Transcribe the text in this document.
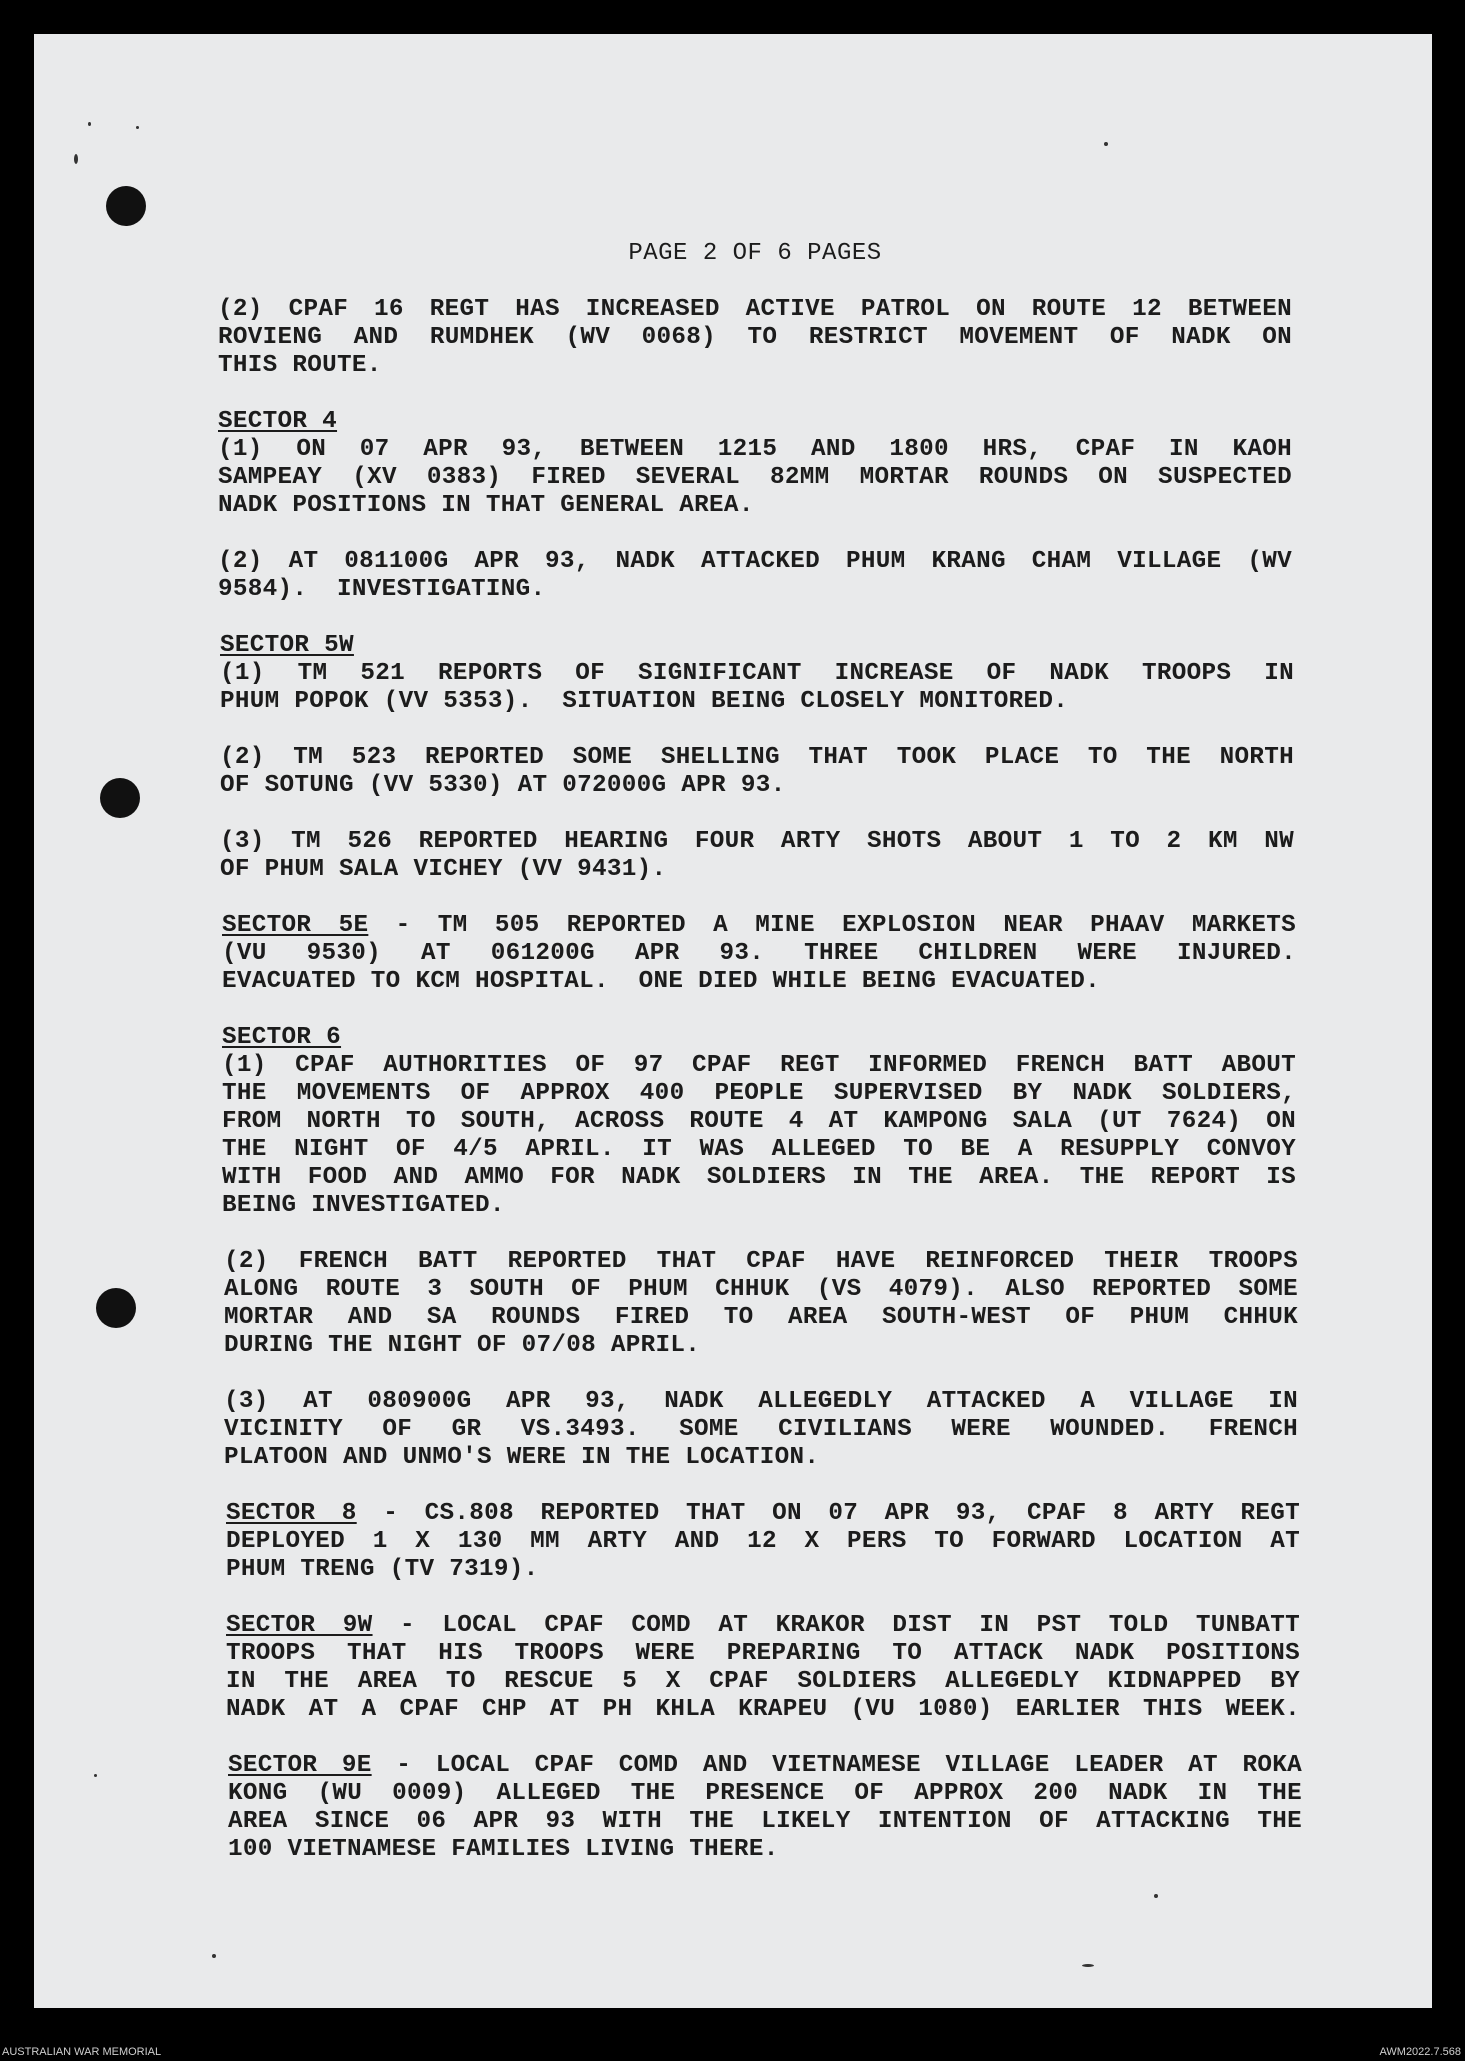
PAGE 2 OF 6 PAGES
(2) CPAF 16 REGT HAS INCREASED ACTIVE PATROL ON ROUTE 12 BETWEEN
ROVIENG AND RUMDHEK (WV 0068) TO RESTRICT MOVEMENT OF NADK ON
THIS ROUTE.
SECTOR 4
(1) ON 07 APR 93, BETWEEN 1215 AND 1800 HRS, CPAF IN KAOH
SAMPEAY (XV 0383) FIRED SEVERAL 82MM MORTAR ROUNDS ON SUSPECTED
NADK POSITIONS IN THAT GENERAL AREA.
(2) AT 081100G APR 93, NADK ATTACKED PHUM KRANG CHAM VILLAGE (WV
9584).  INVESTIGATING.
SECTOR 5W
(1) TM 521 REPORTS OF SIGNIFICANT INCREASE OF NADK TROOPS IN
PHUM POPOK (VV 5353).  SITUATION BEING CLOSELY MONITORED.
(2) TM 523 REPORTED SOME SHELLING THAT TOOK PLACE TO THE NORTH
OF SOTUNG (VV 5330) AT 072000G APR 93.
(3) TM 526 REPORTED HEARING FOUR ARTY SHOTS ABOUT 1 TO 2 KM NW
OF PHUM SALA VICHEY (VV 9431).
SECTOR 5E - TM 505 REPORTED A MINE EXPLOSION NEAR PHAAV MARKETS
(VU 9530) AT 061200G APR 93. THREE CHILDREN WERE INJURED.
EVACUATED TO KCM HOSPITAL.  ONE DIED WHILE BEING EVACUATED.
SECTOR 6
(1) CPAF AUTHORITIES OF 97 CPAF REGT INFORMED FRENCH BATT ABOUT
THE MOVEMENTS OF APPROX 400 PEOPLE SUPERVISED BY NADK SOLDIERS,
FROM NORTH TO SOUTH, ACROSS ROUTE 4 AT KAMPONG SALA (UT 7624) ON
THE NIGHT OF 4/5 APRIL. IT WAS ALLEGED TO BE A RESUPPLY CONVOY
WITH FOOD AND AMMO FOR NADK SOLDIERS IN THE AREA. THE REPORT IS
BEING INVESTIGATED.
(2) FRENCH BATT REPORTED THAT CPAF HAVE REINFORCED THEIR TROOPS
ALONG ROUTE 3 SOUTH OF PHUM CHHUK (VS 4079). ALSO REPORTED SOME
MORTAR AND SA ROUNDS FIRED TO AREA SOUTH-WEST OF PHUM CHHUK
DURING THE NIGHT OF 07/08 APRIL.
(3) AT 080900G APR 93, NADK ALLEGEDLY ATTACKED A VILLAGE IN
VICINITY OF GR VS.3493. SOME CIVILIANS WERE WOUNDED. FRENCH
PLATOON AND UNMO'S WERE IN THE LOCATION.
SECTOR 8 - CS.808 REPORTED THAT ON 07 APR 93, CPAF 8 ARTY REGT
DEPLOYED 1 X 130 MM ARTY AND 12 X PERS TO FORWARD LOCATION AT
PHUM TRENG (TV 7319).
SECTOR 9W - LOCAL CPAF COMD AT KRAKOR DIST IN PST TOLD TUNBATT
TROOPS THAT HIS TROOPS WERE PREPARING TO ATTACK NADK POSITIONS
IN THE AREA TO RESCUE 5 X CPAF SOLDIERS ALLEGEDLY KIDNAPPED BY
NADK AT A CPAF CHP AT PH KHLA KRAPEU (VU 1080) EARLIER THIS WEEK.
SECTOR 9E - LOCAL CPAF COMD AND VIETNAMESE VILLAGE LEADER AT ROKA
KONG (WU 0009) ALLEGED THE PRESENCE OF APPROX 200 NADK IN THE
AREA SINCE 06 APR 93 WITH THE LIKELY INTENTION OF ATTACKING THE
100 VIETNAMESE FAMILIES LIVING THERE.
AUSTRALIAN WAR MEMORIAL	AWM2022.7.568
